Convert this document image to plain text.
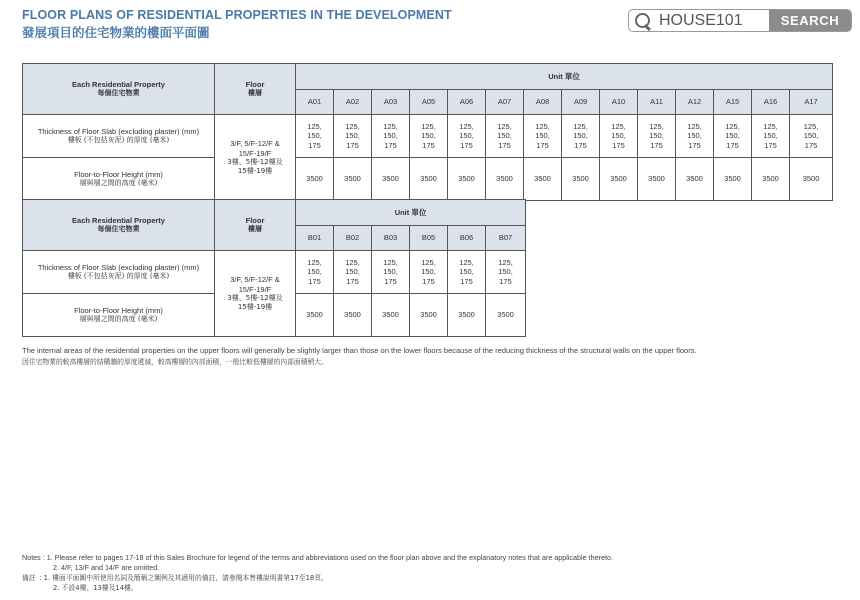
FLOOR PLANS OF RESIDENTIAL PROPERTIES IN THE DEVELOPMENT
發展項目的住宅物業的樓面平面圖
HOUSE101
SEARCH
Each Residential Property
每個住宅物業	Floor
樓層	Unit 單位													
		A01	A02	A03	A05	A06	A07	A08	A09	A10	A11	A12	A15	A16	A17

Thickness of Floor Slab (excluding plaster) (mm)
樓板 (不包括灰泥) 的厚度 (毫米)	3/F, 5/F-12/F &
15/F-19/F
3樓、5樓-12樓及
15樓-19樓	125,
150,
175	125,
150,
175	125,
150,
175	125,
150,
175	125,
150,
175	125,
150,
175	125,
150,
175	125,
150,
175	125,
150,
175	125,
150,
175	125,
150,
175	125,
150,
175	125,
150,
175	125,
150,
175

Floor-to-Floor Height (mm)
層與層之間的高度 (毫米)		3500	3500	3500	3500	3500	3500	3500	3500	3500	3500	3500	3500	3500	3500
Each Residential Property
每個住宅物業	Floor
樓層	Unit 單位					
		B01	B02	B03	B05	B06	B07

Thickness of Floor Slab (excluding plaster) (mm)
樓板 (不包括灰泥) 的厚度 (毫米)	3/F, 5/F-12/F &
15/F-19/F
3樓、5樓-12樓及
15樓-19樓	125,
150,
175	125,
150,
175	125,
150,
175	125,
150,
175	125,
150,
175	125,
150,
175

Floor-to-Floor Height (mm)
層與層之間的高度 (毫米)		3500	3500	3500	3500	3500	3500
The internal areas of the residential properties on the upper floors will generally be slightly larger than those on the lower floors because of the reducing thickness of the structural walls on the upper floors.
因住宅物業的較高樓層的結構牆的厚度遞減，較高樓層的內部面積，一般比較低樓層的內部面積稍大。
Notes : 1. Please refer to pages 17-18 of this Sales Brochure for legend of the terms and abbreviations used on the floor plan above and the explanatory notes that are applicable thereto.
2. 4/F, 13/F and 14/F are omitted.
備註  : 1. 樓面平面圖中所使用名詞及簡稱之圖例及其適用的備註，請參閱本售樓說明書第17至18頁。
2. 不設4樓、13樓及14樓。
